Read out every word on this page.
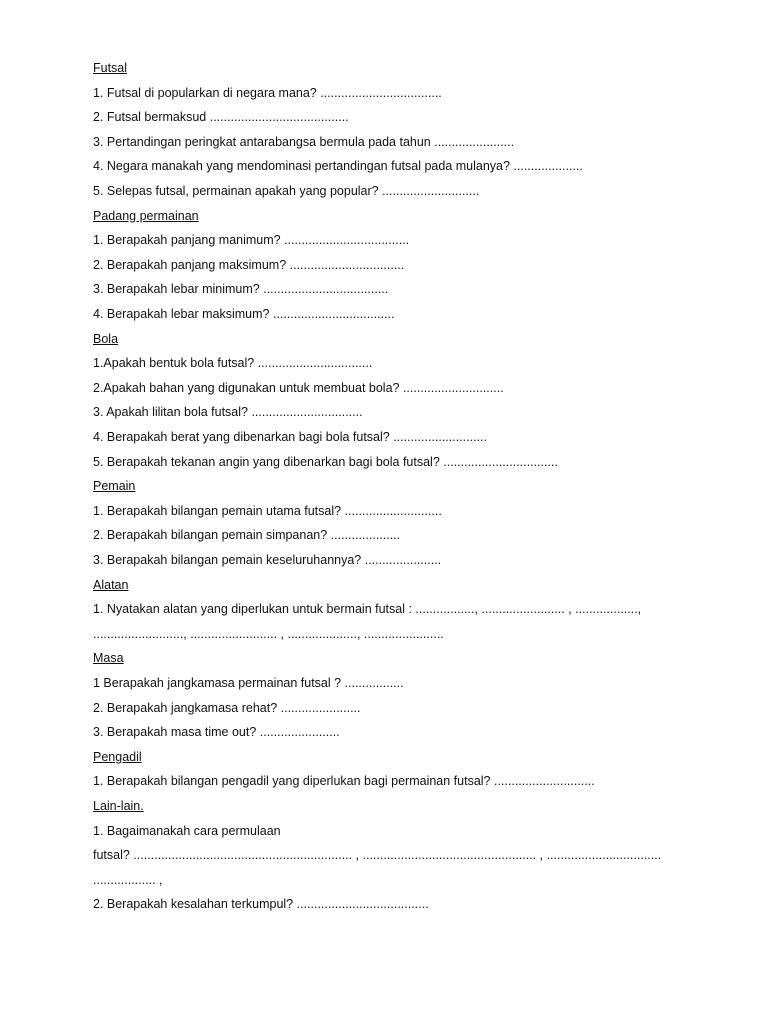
Futsal
1. Futsal di popularkan di negara mana? ...................................
2. Futsal bermaksud ........................................
3. Pertandingan peringkat antarabangsa bermula pada tahun .......................
4. Negara manakah yang mendominasi pertandingan futsal pada mulanya? ....................
5. Selepas futsal, permainan apakah yang popular? ............................
Padang permainan
1. Berapakah panjang manimum? ....................................
2. Berapakah panjang maksimum? .................................
3. Berapakah lebar minimum? ....................................
4. Berapakah lebar maksimum? ...................................
Bola
1.Apakah bentuk bola futsal? .................................
2.Apakah bahan yang digunakan untuk membuat bola? .............................
3. Apakah lilitan bola futsal? ................................
4. Berapakah berat yang dibenarkan bagi bola futsal? ...........................
5. Berapakah tekanan angin yang dibenarkan bagi bola futsal? .................................
Pemain
1. Berapakah bilangan pemain utama futsal? ............................
2. Berapakah bilangan pemain simpanan? ....................
3. Berapakah bilangan pemain keseluruhannya? ......................
Alatan
1. Nyatakan alatan yang diperlukan untuk bermain futsal : ................., ........................ , ..................,
.........................., ......................... , ...................., .......................
Masa
1 Berapakah jangkamasa permainan futsal ? .................
2. Berapakah jangkamasa rehat? .......................
3. Berapakah masa time out? .......................
Pengadil
1. Berapakah bilangan pengadil yang diperlukan bagi permainan futsal? .............................
Lain-lain.
1. Bagaimanakah cara permulaan
futsal? ............................................................... , .................................................. , .................................
.................. ,
2. Berapakah kesalahan terkumpul? ......................................
